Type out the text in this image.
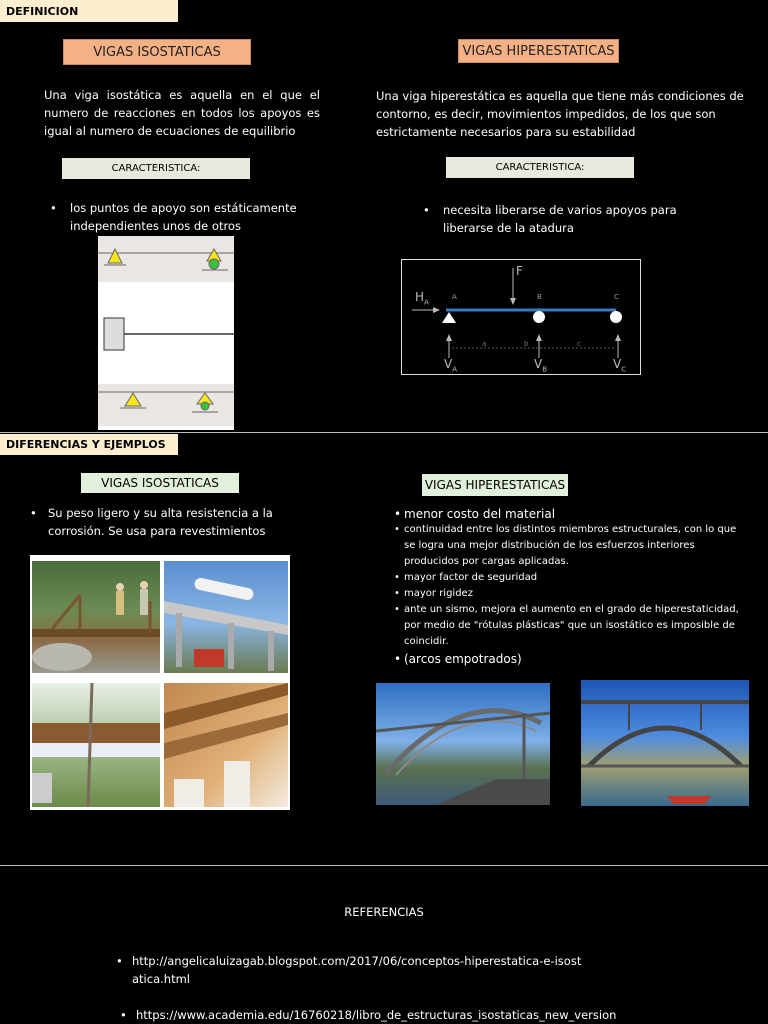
DEFINICION
VIGAS ISOSTATICAS	VIGAS HIPERESTATICAS
Una viga isostática es aquella en el que el numero de reacciones en todos los apoyos es igual al numero de ecuaciones de equilibrio
Una viga hiperestática es aquella que tiene más condiciones de contorno, es decir, movimientos impedidos, de los que son estrictamente necesarios para su estabilidad
CARACTERISTICA:	CARACTERISTICA:
•	los puntos de apoyo son estáticamente independientes unos de otros
•	necesita liberarse de varios apoyos para liberarse de la atadura
F
$H_A$
A	B	C
a	b	c
$V_A$	$V_B$	$V_C$
DIFERENCIAS Y EJEMPLOS
VIGAS ISOSTATICAS	VIGAS HIPERESTATICAS
• Su peso ligero y su alta resistencia a la corrosión. Se usa para revestimientos
• menor costo del material
• continuidad entre los distintos miembros estructurales, con lo que se logra una mejor distribución de los esfuerzos interiores producidos por cargas aplicadas.
• mayor factor de seguridad
• mayor rigidez
• ante un sismo, mejora el aumento en el grado de hiperestaticidad, por medio de "rótulas plásticas" que un isostático es imposible de coincidir.
• (arcos empotrados)
REFERENCIAS
• http://angelicaluizagab.blogspot.com/2017/06/conceptos-hiperestatica-e-isostatica.html
• https://www.academia.edu/16760218/libro_de_estructuras_isostaticas_new_version
